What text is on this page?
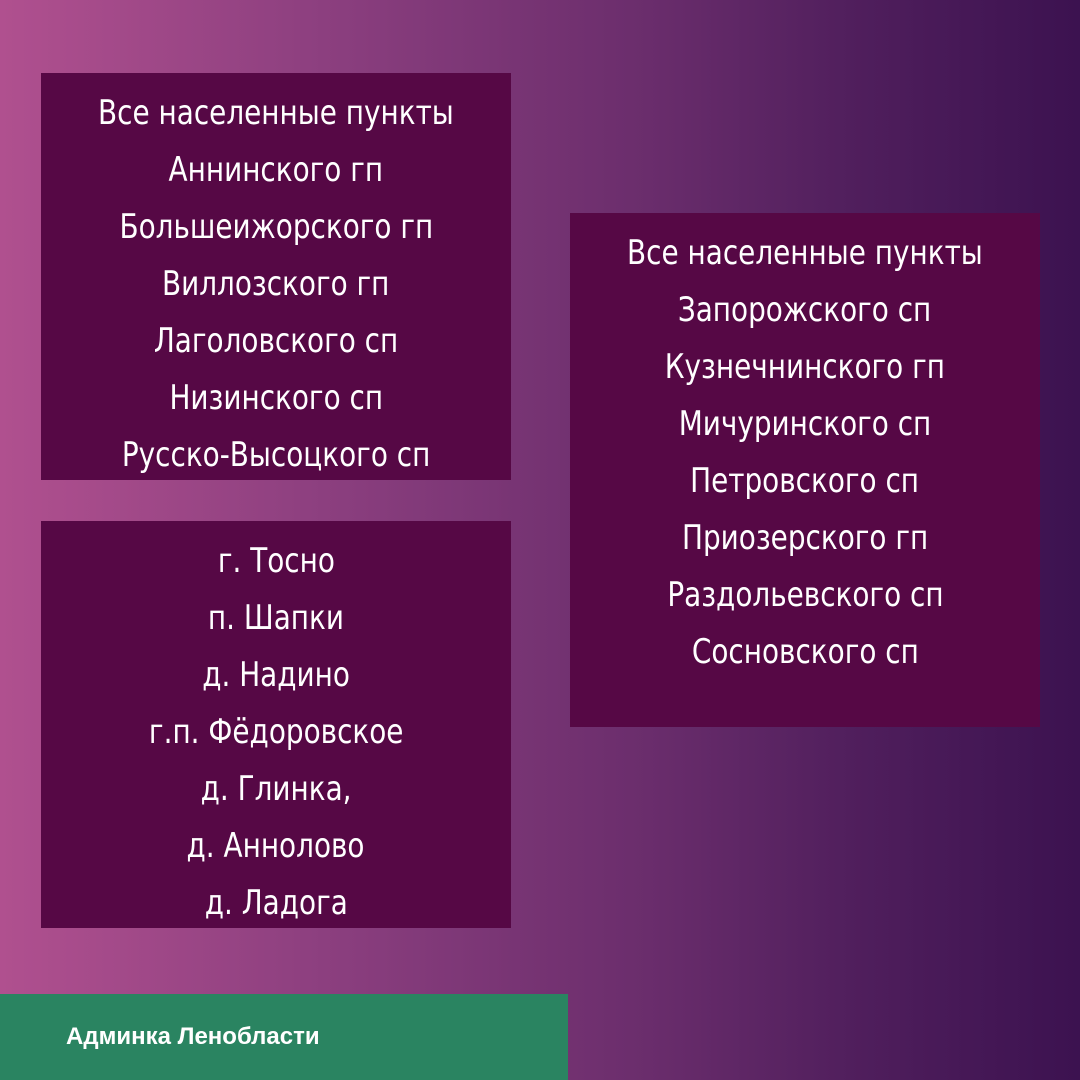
Все населенные пункты
Аннинского гп
Большеижорского гп
Виллозского гп
Лаголовского сп
Низинского сп
Русско-Высоцкого сп
г. Тосно
п. Шапки
д. Надино
г.п. Фёдоровское
д. Глинка,
д. Аннолово
д. Ладога
Все населенные пункты
Запорожского сп
Кузнечнинского гп
Мичуринского сп
Петровского сп
Приозерского гп
Раздольевского сп
Сосновского сп
Админка Ленобласти
